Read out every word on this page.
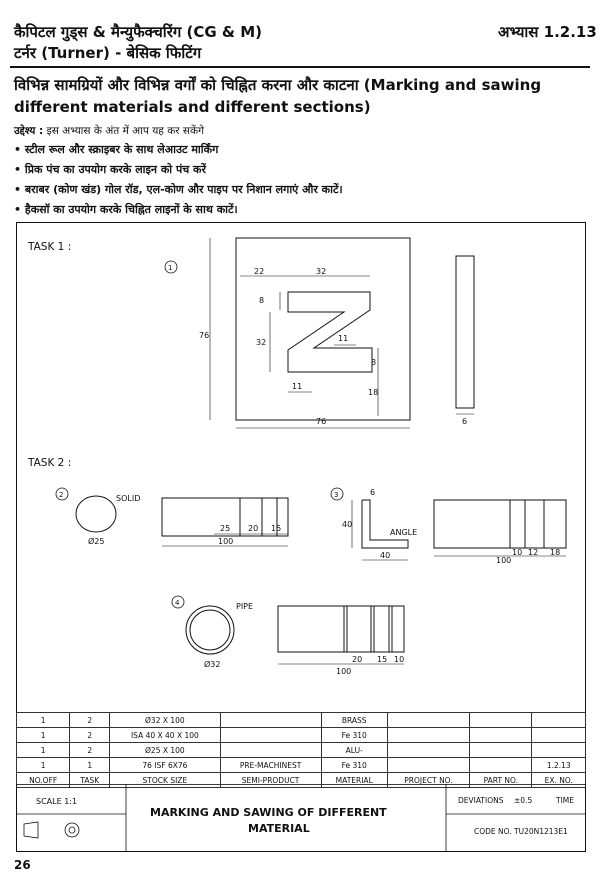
कैपिटल गुड्स & मैन्युफैक्चरिंग (CG & M)
टर्नर (Turner) - बेसिक फिटिंग
अभ्यास 1.2.13
विभिन्न सामग्रियों और विभिन्न वर्गों को चिह्नित करना और काटना (Marking and sawing different materials and different sections)
उद्देश्य : इस अभ्यास के अंत में आप यह कर सकेंगे
• स्टील रूल और स्क्राइबर के साथ लेआउट मार्किंग
• प्रिक पंच का उपयोग करके लाइन को पंच करें
• बराबर (कोण खंड) गोल रॉड, एल-कोण और पाइप पर निशान लगाएं और काटें।
• हैकसॉ का उपयोग करके चिह्नित लाइनों के साथ काटें।
1	22	32
8
32	11
8
11
18
76
76	6
2	SOLID
Ø25
25 20 15
100
3	6
40
ANGLE
40	10 12 18
100
4	PIPE
Ø32
20 15 10
100
TASK 1 :
TASK 2 :
1	2	Ø32 X 100		BRASS			
1	2	ISA 40 X 40 X 100		Fe 310			
1	2	Ø25 X 100		ALU-			
1	1	76 ISF 6X76	PRE-MACHINEST	Fe 310			1.2.13
NO.OFF	TASK	STOCK SIZE	SEMI-PRODUCT	MATERIAL	PROJECT NO.	PART NO.	EX. NO.
SCALE 1:1
MARKING AND SAWING OF DIFFERENT
MATERIAL
DEVIATIONS ±0.5	TIME
CODE NO. TU20N1213E1
26
